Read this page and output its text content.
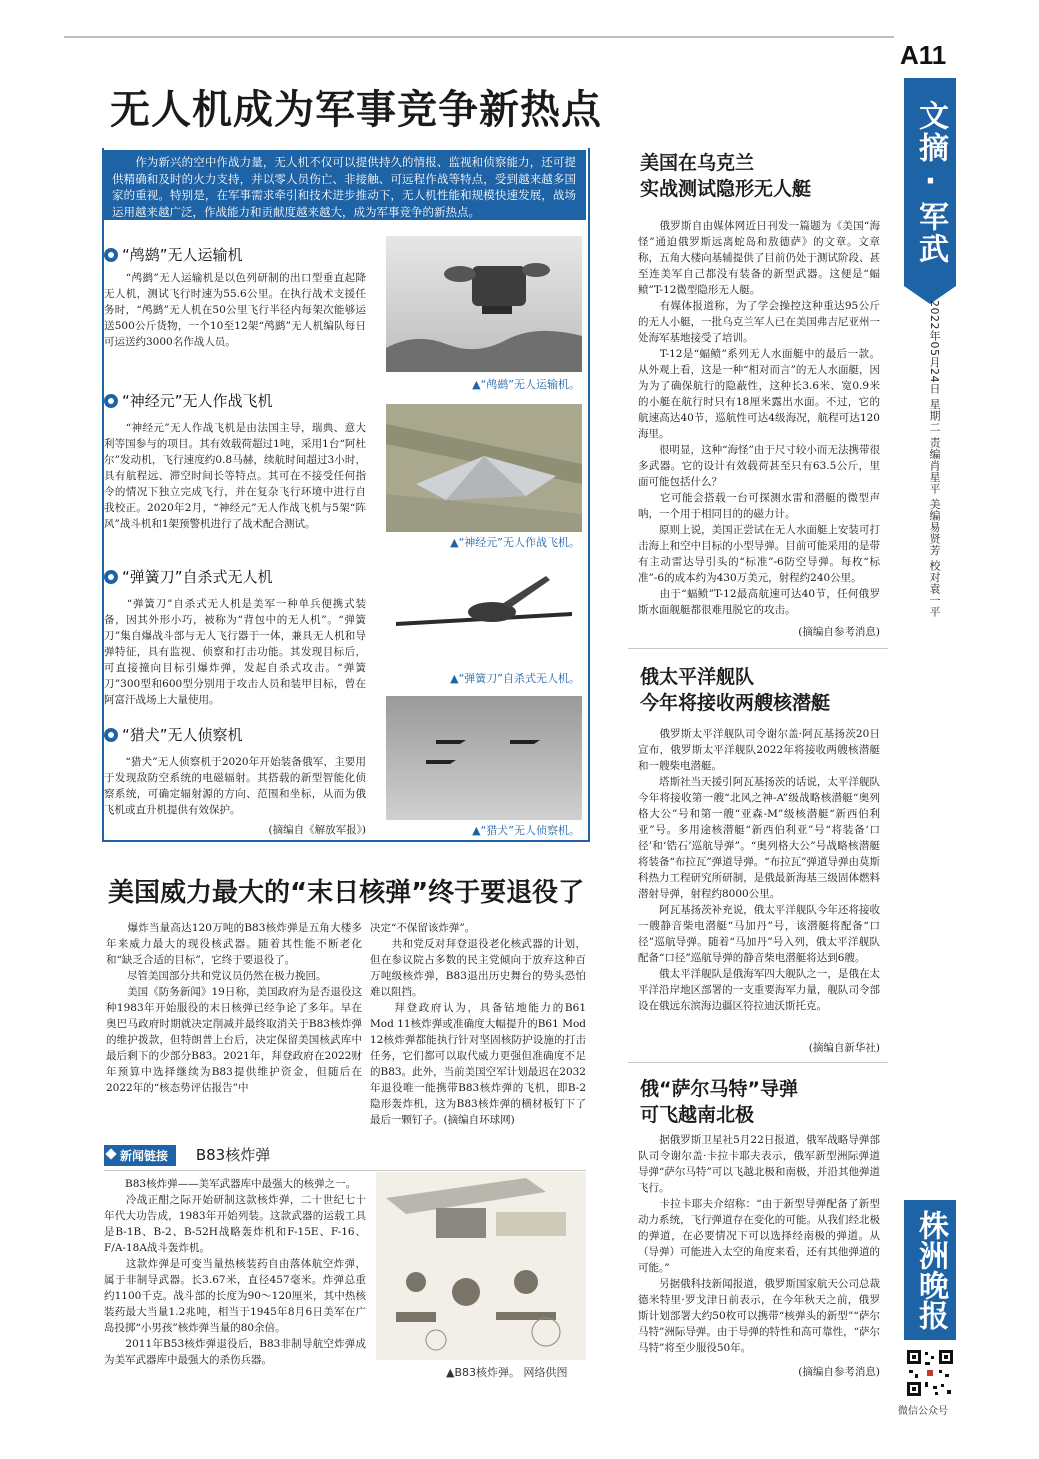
A11
文摘·军武
2022年05月24日 星期二 责编肖星平 美编易贤芳 校对袁一平
株洲晚报
微信公众号
无人机成为军事竞争新热点
　　作为新兴的空中作战力量，无人机不仅可以提供持久的情报、监视和侦察能力，还可提供精确和及时的火力支持，并以零人员伤亡、非接触、可远程作战等特点，受到越来越多国家的重视。特别是，在军事需求牵引和技术进步推动下，无人机性能和规模快速发展，战场运用越来越广泛，作战能力和贡献度越来越大，成为军事竞争的新热点。
“鸬鹚”无人运输机
　　“鸬鹚”无人运输机是以色列研制的出口型垂直起降无人机，测试飞行时速为55.6公里。在执行战术支援任务时，“鸬鹚”无人机在50公里飞行半径内每架次能够运送500公斤货物，一个10至12架“鸬鹚”无人机编队每日可运送约3000名作战人员。
▲“鸬鹚”无人运输机。
“神经元”无人作战飞机
　　“神经元”无人作战飞机是由法国主导，瑞典、意大利等国参与的项目。其有效载荷超过1吨，采用1台“阿杜尔”发动机，飞行速度约0.8马赫，续航时间超过3小时，具有航程远、滞空时间长等特点。其可在不接受任何指令的情况下独立完成飞行，并在复杂飞行环境中进行自我校正。2020年2月，“神经元”无人作战飞机与5架“阵风”战斗机和1架预警机进行了战术配合测试。
▲“神经元”无人作战飞机。
“弹簧刀”自杀式无人机
　　“弹簧刀”自杀式无人机是美军一种单兵便携式装备，因其外形小巧，被称为“背包中的无人机”。“弹簧刀”集自爆战斗部与无人飞行器于一体，兼具无人机和导弹特征，具有监视、侦察和打击功能。其发现目标后，可直接撞向目标引爆炸弹，发起自杀式攻击。“弹簧刀”300型和600型分别用于攻击人员和装甲目标，曾在阿富汗战场上大量使用。
▲“弹簧刀”自杀式无人机。
“猎犬”无人侦察机
　　“猎犬”无人侦察机于2020年开始装备俄军，主要用于发现敌防空系统的电磁辐射。其搭载的新型智能化侦察系统，可确定辐射源的方向、范围和坐标，从而为俄飞机或直升机提供有效保护。
(摘编自《解放军报》)	▲“猎犬”无人侦察机。
美国威力最大的“末日核弹”终于要退役了
　　爆炸当量高达120万吨的B83核炸弹是五角大楼多年来威力最大的现役核武器。随着其性能不断老化和“缺乏合适的目标”，它终于要退役了。
　　尽管美国部分共和党议员仍然在极力挽回。
　　美国《防务新闻》19日称，美国政府为是否退役这种1983年开始服役的末日核弹已经争论了多年。早在奥巴马政府时期就决定削减并最终取消关于B83核炸弹的维护拨款，但特朗普上台后，决定保留美国核武库中最后剩下的少部分B83。2021年，拜登政府在2022财年预算中选择继续为B83提供维护资金，但随后在2022年的“核态势评估报告”中
决定“不保留该炸弹”。
　　共和党反对拜登退役老化核武器的计划，但在参议院占多数的民主党倾向于放弃这种百万吨级核炸弹，B83退出历史舞台的势头恐怕难以阻挡。
　　拜登政府认为，具备钻地能力的B61 Mod 11核炸弹或准确度大幅提升的B61 Mod 12核炸弹都能执行针对坚固核防护设施的打击任务，它们都可以取代威力更强但准确度不足的B83。此外，当前美国空军计划最迟在2032年退役唯一能携带B83核炸弹的飞机，即B-2隐形轰炸机，这为B83核炸弹的横材板钉下了最后一颗钉子。(摘编自环球网)
新闻链接 B83核炸弹
　　B83核炸弹——美军武器库中最强大的核弹之一。
　　冷战正酣之际开始研制这款核炸弹，二十世纪七十年代大功告成，1983年开始列装。这款武器的运载工具是B-1B、B-2、B-52H战略轰炸机和F-15E、F-16、F/A-18A战斗轰炸机。
　　这款炸弹是可变当量热核装药自由落体航空炸弹，属于非制导武器。长3.67米，直径457毫米。炸弹总重约1100千克。战斗部的长度为90～120厘米，其中热核装药最大当量1.2兆吨，相当于1945年8月6日美军在广岛投掷“小男孩”核炸弹当量的80余倍。
　　2011年B53核炸弹退役后，B83非制导航空炸弹成为美军武器库中最强大的杀伤兵器。
▲B83核炸弹。 网络供图
美国在乌克兰
实战测试隐形无人艇
　　俄罗斯自由媒体网近日刊发一篇题为《美国“海怪”通迫俄罗斯远离蛇岛和敖德萨》的文章。文章称，五角大楼向基辅提供了目前仍处于测试阶段、甚至连美军自己都没有装备的新型武器。这便是“蝠鲼”T-12微型隐形无人艇。
　　有媒体报道称，为了学会操控这种重达95公斤的无人小艇，一批乌克兰军人已在美国弗吉尼亚州一处海军基地接受了培训。
　　T-12是“蝠鲼”系列无人水面艇中的最后一款。从外观上看，这是一种“相对而言”的无人水面艇，因为为了确保航行的隐蔽性，这种长3.6米、宽0.9米的小艇在航行时只有18厘米露出水面。不过，它的航速高达40节，巡航性可达4级海况，航程可达120海里。
　　很明显，这种“海怪”由于尺寸较小而无法携带很多武器。它的设计有效载荷甚至只有63.5公斤，里面可能包括什么？
　　它可能会搭载一台可探测水雷和潜艇的微型声呐，一个用于相同目的的磁力计。
　　原则上说，美国正尝试在无人水面艇上安装可打击海上和空中目标的小型导弹。目前可能采用的是带有主动雷达导引头的“标准”-6防空导弹。每枚“标准”-6的成本约为430万美元，射程约240公里。
　　由于“蝠鲼”T-12最高航速可达40节，任何俄罗斯水面舰艇都很难甩脱它的攻击。
(摘编自参考消息)
俄太平洋舰队
今年将接收两艘核潜艇
　　俄罗斯太平洋舰队司令谢尔盖·阿瓦基扬茨20日宣布，俄罗斯太平洋舰队2022年将接收两艘核潜艇和一艘柴电潜艇。
　　塔斯社当天援引阿瓦基扬茨的话说，太平洋舰队今年将接收第一艘“北风之神-A”级战略核潜艇“奥列格大公”号和第一艘“亚森-M”级核潜艇“新西伯利亚”号。多用途核潜艇“新西伯利亚”号“将装备‘口径’和‘锆石’巡航导弹”。“奥列格大公”号战略核潜艇将装备“布拉瓦”弹道导弹。“布拉瓦”弹道导弹由莫斯科热力工程研究所研制，是俄最新海基三级固体燃料潜射导弹，射程约8000公里。
　　阿瓦基扬茨补充说，俄太平洋舰队今年还将接收一艘静音柴电潜艇“马加丹”号，该潜艇将配备“口径”巡航导弹。随着“马加丹”号入列，俄太平洋舰队配备“口径”巡航导弹的静音柴电潜艇将达到6艘。
　　俄太平洋舰队是俄海军四大舰队之一，是俄在太平洋沿岸地区部署的一支重要海军力量，舰队司令部设在俄远东滨海边疆区符拉迪沃斯托克。
(摘编自新华社)
俄“萨尔马特”导弹
可飞越南北极
　　据俄罗斯卫星社5月22日报道，俄军战略导弹部队司令谢尔盖·卡拉卡耶夫表示，俄军新型洲际弹道导弹“萨尔马特”可以飞越北极和南极，并沿其他弹道飞行。
　　卡拉卡耶夫介绍称：“由于新型导弹配备了新型动力系统，飞行弹道存在变化的可能。从我们经北极的弹道，在必要情况下可以选择经南极的弹道。从（导弹）可能进入太空的角度来看，还有其他弹道的可能。”
　　另据俄科技新闻报道，俄罗斯国家航天公司总裁德米特里·罗戈津日前表示，在今年秋天之前，俄罗斯计划部署大约50枚可以携带“核弹头的新型”“萨尔马特”洲际导弹。由于导弹的特性和高可靠性，“萨尔马特”将至少服役50年。
(摘编自参考消息)
